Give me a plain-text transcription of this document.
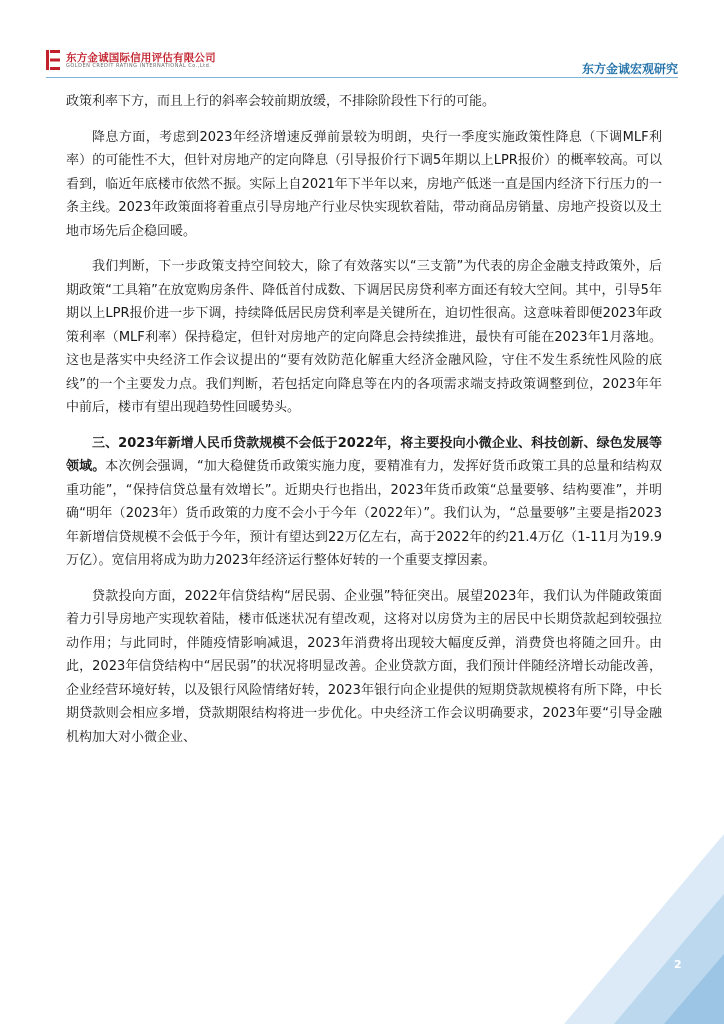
东方金诚国际信用评估有限公司
GOLDEN CREDIT RATING INTERNATIONAL Co.,Ltd.	东方金诚宏观研究

政策利率下方，而且上行的斜率会较前期放缓，不排除阶段性下行的可能。

降息方面，考虑到2023年经济增速反弹前景较为明朗，央行一季度实施政策性降息（下调MLF利率）的可能性不大，但针对房地产的定向降息（引导报价行下调5年期以上LPR报价）的概率较高。可以看到，临近年底楼市依然不振。实际上自2021年下半年以来，房地产低迷一直是国内经济下行压力的一条主线。2023年政策面将着重点引导房地产行业尽快实现软着陆，带动商品房销量、房地产投资以及土地市场先后企稳回暖。

我们判断，下一步政策支持空间较大，除了有效落实以“三支箭”为代表的房企金融支持政策外，后期政策“工具箱”在放宽购房条件、降低首付成数、下调居民房贷利率方面还有较大空间。其中，引导5年期以上LPR报价进一步下调，持续降低居民房贷利率是关键所在，迫切性很高。这意味着即便2023年政策利率（MLF利率）保持稳定，但针对房地产的定向降息会持续推进，最快有可能在2023年1月落地。这也是落实中央经济工作会议提出的“要有效防范化解重大经济金融风险，守住不发生系统性风险的底线”的一个主要发力点。我们判断，若包括定向降息等在内的各项需求端支持政策调整到位，2023年年中前后，楼市有望出现趋势性回暖势头。

三、2023年新增人民币贷款规模不会低于2022年，将主要投向小微企业、科技创新、绿色发展等领域。本次例会强调，“加大稳健货币政策实施力度，要精准有力，发挥好货币政策工具的总量和结构双重功能”，“保持信贷总量有效增长”。近期央行也指出，2023年货币政策“总量要够、结构要准”，并明确“明年（2023年）货币政策的力度不会小于今年（2022年）”。我们认为，“总量要够”主要是指2023年新增信贷规模不会低于今年，预计有望达到22万亿左右，高于2022年的约21.4万亿（1-11月为19.9万亿）。宽信用将成为助力2023年经济运行整体好转的一个重要支撑因素。

贷款投向方面，2022年信贷结构“居民弱、企业强”特征突出。展望2023年，我们认为伴随政策面着力引导房地产实现软着陆，楼市低迷状况有望改观，这将对以房贷为主的居民中长期贷款起到较强拉动作用；与此同时，伴随疫情影响减退，2023年消费将出现较大幅度反弹，消费贷也将随之回升。由此，2023年信贷结构中“居民弱”的状况将明显改善。企业贷款方面，我们预计伴随经济增长动能改善，企业经营环境好转，以及银行风险情绪好转，2023年银行向企业提供的短期贷款规模将有所下降，中长期贷款则会相应多增，贷款期限结构将进一步优化。中央经济工作会议明确要求，2023年要“引导金融机构加大对小微企业、

2
